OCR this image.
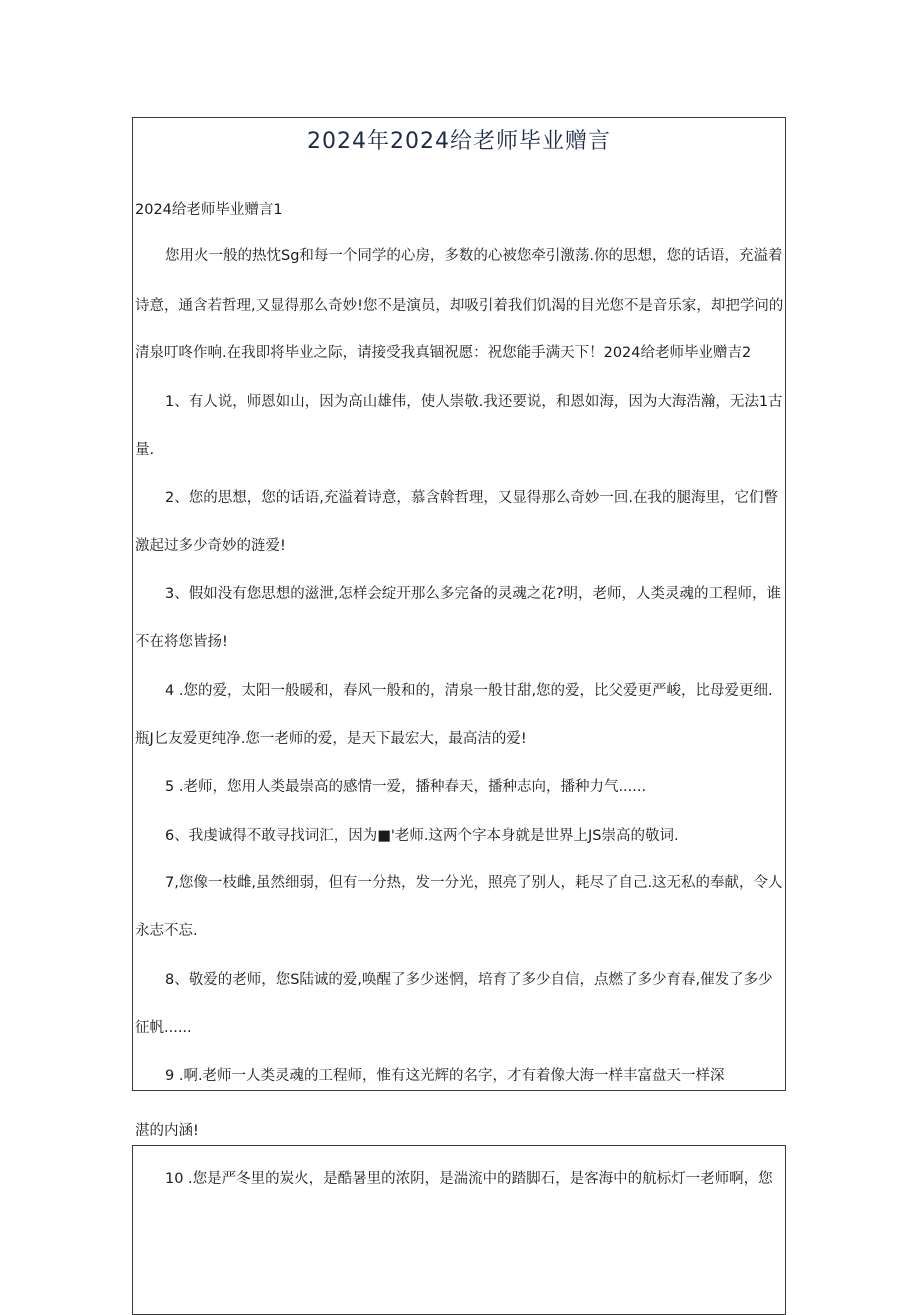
2024年2024给老师毕业赠言
2024给老师毕业赠言1
您用火一般的热忱Sg和每一个同学的心房，多数的心被您牵引激荡.你的思想，您的话语，充溢着
诗意，通含若哲理,又显得那么奇妙!您不是演员，却吸引着我们饥渴的目光您不是音乐家，却把学问的
清泉叮咚作响.在我即将毕业之际，请接受我真锢祝愿：祝您能手满天下！2024给老师毕业赠吉2
1、有人说，师恩如山，因为高山雄伟，使人崇敬.我还要说，和恩如海，因为大海浩瀚，无法1古
量.
2、您的思想，您的话语,充溢着诗意，慕含斡哲理，又显得那么奇妙一回.在我的腿海里，它们瞥
激起过多少奇妙的涟爱!
3、假如没有您思想的滋泄,怎样会绽开那么多完备的灵魂之花?明，老师，人类灵魂的工程师，谁
不在将您皆扬!
4 .您的爱，太阳一般暖和，春风一般和的，清泉一般甘甜,您的爱，比父爱更严峻，比母爱更细.
瓶J匕友爱更纯净.您一老师的爱，是天下最宏大，最高洁的爱!
5 .老师，您用人类最崇高的感情一爱，播种春天，播种志向，播种力气......
6、我虔诚得不敢寻找词汇，因为■'老师.这两个字本身就是世界上JS崇高的敬词.
7,您像一枝雌,虽然细弱，但有一分热，发一分光，照亮了别人，耗尽了自己.这无私的奉献，令人
永志不忘.
8、敬爱的老师，您S陆诚的爱,唤醒了多少迷惘，培育了多少自信，点燃了多少育春,催发了多少
征帆......
9 .啊.老师一人类灵魂的工程师，惟有这光辉的名字，才有着像大海一样丰富盘天一样深
湛的内涵!
10 .您是严冬里的炭火，是酷暑里的浓阴，是湍流中的踏脚石，是客海中的航标灯一老师啊，您
